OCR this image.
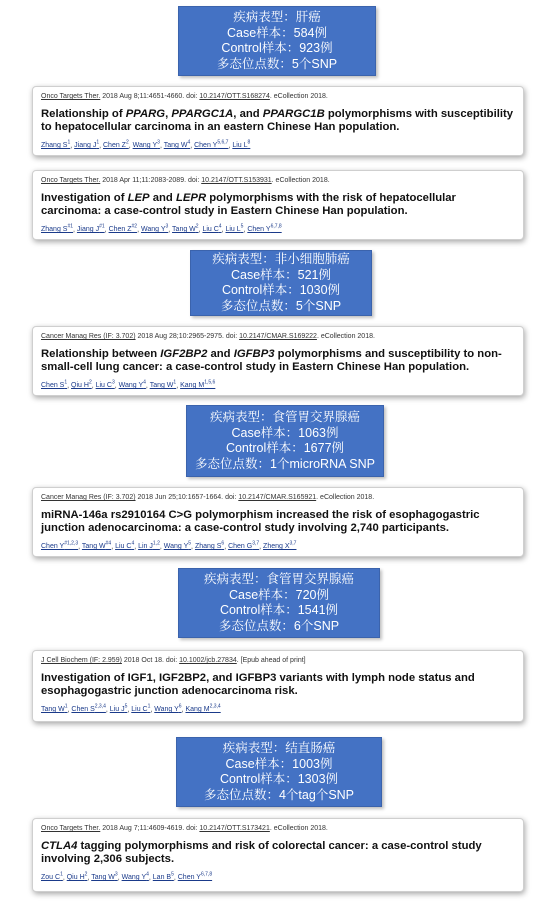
疾病表型：肝癌
Case样本：584例
Control样本：923例
多态位点数：5个SNP
疾病表型：非小细胞肺癌
Case样本：521例
Control样本：1030例
多态位点数：5个SNP
疾病表型：食管胃交界腺癌
Case样本：1063例
Control样本：1677例
多态位点数：1个microRNA SNP
疾病表型：食管胃交界腺癌
Case样本：720例
Control样本：1541例
多态位点数：6个SNP
疾病表型：结直肠癌
Case样本：1003例
Control样本：1303例
多态位点数：4个tag个SNP
Onco Targets Ther. 2018 Aug 8;11:4651-4660. doi: 10.2147/OTT.S168274. eCollection 2018.
Relationship of PPARG, PPARGC1A, and PPARGC1B polymorphisms with susceptibility to hepatocellular carcinoma in an eastern Chinese Han population.
Zhang $S^1$, Jiang $J^1$, Chen $Z^2$, Wang $Y^3$, Tang $W^4$, Chen Y$^{5,6,7}$, Liu $L^8$
Onco Targets Ther. 2018 Apr 11;11:2083-2089. doi: 10.2147/OTT.S153931. eCollection 2018.
Investigation of LEP and LEPR polymorphisms with the risk of hepatocellular carcinoma: a case-control study in Eastern Chinese Han population.
Zhang $S^{\#1}$, Jiang $J^{\#1}$, Chen $Z^{\#2}$, Wang $Y^3$, Tang $W^2$, Liu $C^4$, Liu $L^5$, Chen Y$^{6,7,8}$
Cancer Manag Res (IF: 3.702) 2018 Aug 28;10:2965-2975. doi: 10.2147/CMAR.S169222. eCollection 2018.
Relationship between IGF2BP2 and IGFBP3 polymorphisms and susceptibility to non-small-cell lung cancer: a case-control study in Eastern Chinese Han population.
Chen $S^1$, Qiu $H^2$, Liu $C^3$, Wang $Y^4$, Tang $W^1$, Kang M$^{1,5,6}$
Cancer Manag Res (IF: 3.702) 2018 Jun 25;10:1657-1664. doi: 10.2147/CMAR.S165921. eCollection 2018.
miRNA-146a rs2910164 C>G polymorphism increased the risk of esophagogastric junction adenocarcinoma: a case-control study involving 2,740 participants.
Chen Y$^{\#1,2,3}$, Tang $W^{\#4}$, Liu $C^4$, Lin J$^{1,2}$, Wang $Y^5$, Zhang $S^6$, Chen G$^{3,7}$, Zheng X$^{3,7}$
J Cell Biochem (IF: 2.959) 2018 Oct 18. doi: 10.1002/jcb.27834. [Epub ahead of print]
Investigation of IGF1, IGF2BP2, and IGFBP3 variants with lymph node status and esophagogastric junction adenocarcinoma risk.
Tang $W^1$, Chen S$^{2,3,4}$, Liu $J^5$, Liu $C^1$, Wang $Y^6$, Kang M$^{2,3,4}$
Onco Targets Ther. 2018 Aug 7;11:4609-4619. doi: 10.2147/OTT.S173421. eCollection 2018.
CTLA4 tagging polymorphisms and risk of colorectal cancer: a case-control study involving 2,306 subjects.
Zou $C^1$, Qiu $H^2$, Tang $W^3$, Wang $Y^4$, Lan $B^5$, Chen Y$^{6,7,8}$
